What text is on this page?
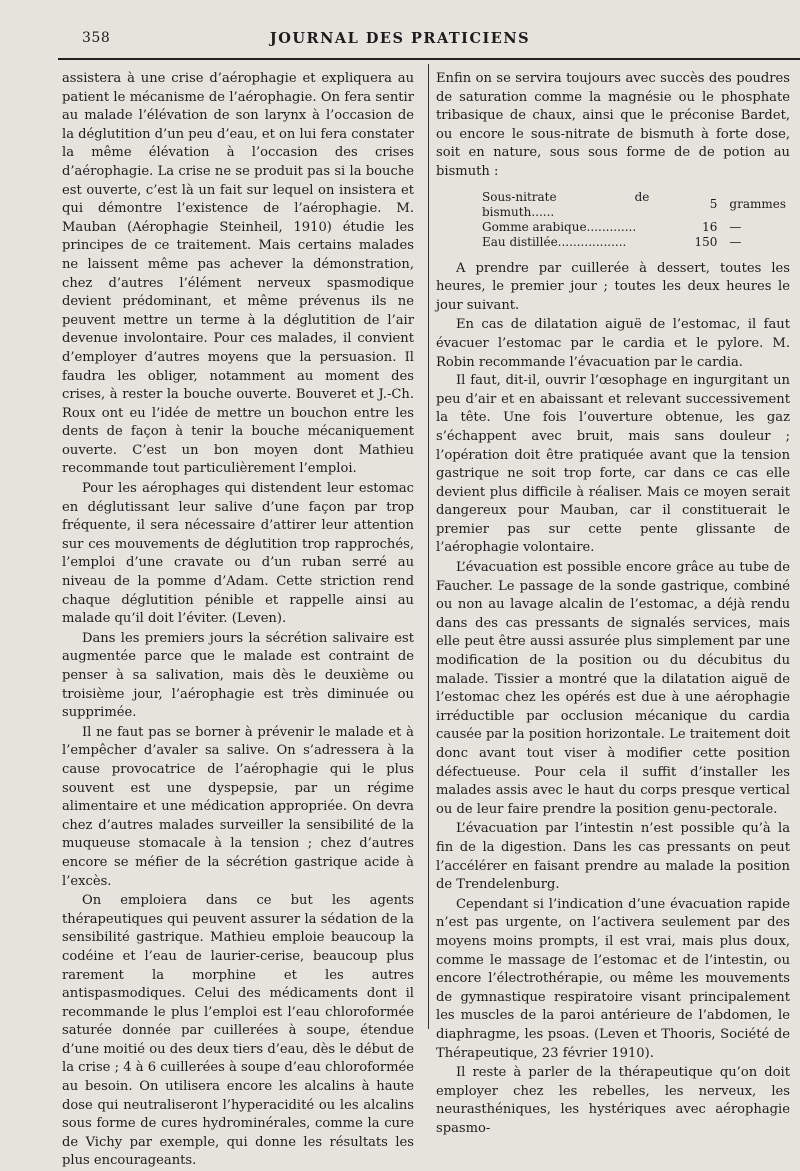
358	JOURNAL DES PRATICIENS

assistera à une crise d’aérophagie et expliquera au patient le mécanisme de l’aérophagie. On fera sentir au malade l’élévation de son larynx à l’occasion de la déglutition d’un peu d’eau, et on lui fera constater la même élévation à l’occasion des crises d’aérophagie. La crise ne se produit pas si la bouche est ouverte, c’est là un fait sur lequel on insistera et qui démontre l’existence de l’aérophagie. M. Mauban (Aérophagie Steinheil, 1910) étudie les principes de ce traitement. Mais certains malades ne laissent même pas achever la démonstration, chez d’autres l’élément nerveux spasmodique devient prédominant, et même prévenus ils ne peuvent mettre un terme à la déglutition de l’air devenue involontaire. Pour ces malades, il convient d’employer d’autres moyens que la persuasion. Il faudra les obliger, notamment au moment des crises, à rester la bouche ouverte. Bouveret et J.-Ch. Roux ont eu l’idée de mettre un bouchon entre les dents de façon à tenir la bouche mécaniquement ouverte. C’est un bon moyen dont Mathieu recommande tout particulièrement l’emploi.

Pour les aérophages qui distendent leur estomac en déglutissant leur salive d’une façon par trop fréquente, il sera nécessaire d’attirer leur attention sur ces mouvements de déglutition trop rapprochés, l’emploi d’une cravate ou d’un ruban serré au niveau de la pomme d’Adam. Cette striction rend chaque déglutition pénible et rappelle ainsi au malade qu’il doit l’éviter. (Leven).

Dans les premiers jours la sécrétion salivaire est augmentée parce que le malade est contraint de penser à sa salivation, mais dès le deuxième ou troisième jour, l’aérophagie est très diminuée ou supprimée.

Il ne faut pas se borner à prévenir le malade et à l’empêcher d’avaler sa salive. On s’adressera à la cause provocatrice de l’aérophagie qui le plus souvent est une dyspepsie, par un régime alimentaire et une médication appropriée. On devra chez d’autres malades surveiller la sensibilité de la muqueuse stomacale à la tension ; chez d’autres encore se méfier de la sécrétion gastrique acide à l’excès.

On emploiera dans ce but les agents thérapeutiques qui peuvent assurer la sédation de la sensibilité gastrique. Mathieu emploie beaucoup la codéine et l’eau de laurier-cerise, beaucoup plus rarement la morphine et les autres antispasmodiques. Celui des médicaments dont il recommande le plus l’emploi est l’eau chloroformée saturée donnée par cuillerées à soupe, étendue d’une moitié ou des deux tiers d’eau, dès le début de la crise ; 4 à 6 cuillerées à soupe d’eau chloroformée au besoin. On utilisera encore les alcalins à haute dose qui neutraliseront l’hyperacidité ou les alcalins sous forme de cures hydrominérales, comme la cure de Vichy par exemple, qui donne les résultats les plus encourageants.

Enfin on se servira toujours avec succès des poudres de saturation comme la magnésie ou le phosphate tribasique de chaux, ainsi que le préconise Bardet, ou encore le sous-nitrate de bismuth à forte dose, soit en nature, sous sous forme de de potion au bismuth :

Sous-nitrate de bismuth......	5	grammes
Gomme arabique.............	16	—
Eau distillée..................	150	—

A prendre par cuillerée à dessert, toutes les heures, le premier jour ; toutes les deux heures le jour suivant.

En cas de dilatation aiguë de l’estomac, il faut évacuer l’estomac par le cardia et le pylore. M. Robin recommande l’évacuation par le cardia.

Il faut, dit-il, ouvrir l’œsophage en ingurgitant un peu d’air et en abaissant et relevant successivement la tête. Une fois l’ouverture obtenue, les gaz s’échappent avec bruit, mais sans douleur ; l’opération doit être pratiquée avant que la tension gastrique ne soit trop forte, car dans ce cas elle devient plus difficile à réaliser. Mais ce moyen serait dangereux pour Mauban, car il constituerait le premier pas sur cette pente glissante de l’aérophagie volontaire.

L’évacuation est possible encore grâce au tube de Faucher. Le passage de la sonde gastrique, combiné ou non au lavage alcalin de l’estomac, a déjà rendu dans des cas pressants de signalés services, mais elle peut être aussi assurée plus simplement par une modification de la position ou du décubitus du malade. Tissier a montré que la dilatation aiguë de l’estomac chez les opérés est due à une aérophagie irréductible par occlusion mécanique du cardia causée par la position horizontale. Le traitement doit donc avant tout viser à modifier cette position défectueuse. Pour cela il suffit d’installer les malades assis avec le haut du corps presque vertical ou de leur faire prendre la position genu-pectorale.

L’évacuation par l’intestin n’est possible qu’à la fin de la digestion. Dans les cas pressants on peut l’accélérer en faisant prendre au malade la position de Trendelenburg.

Cependant si l’indication d’une évacuation rapide n’est pas urgente, on l’activera seulement par des moyens moins prompts, il est vrai, mais plus doux, comme le massage de l’estomac et de l’intestin, ou encore l’électrothérapie, ou même les mouvements de gymnastique respiratoire visant principalement les muscles de la paroi antérieure de l’abdomen, le diaphragme, les psoas. (Leven et Thooris, Société de Thérapeutique, 23 février 1910).

Il reste à parler de la thérapeutique qu’on doit employer chez les rebelles, les nerveux, les neurasthéniques, les hystériques avec aérophagie spasmo-
